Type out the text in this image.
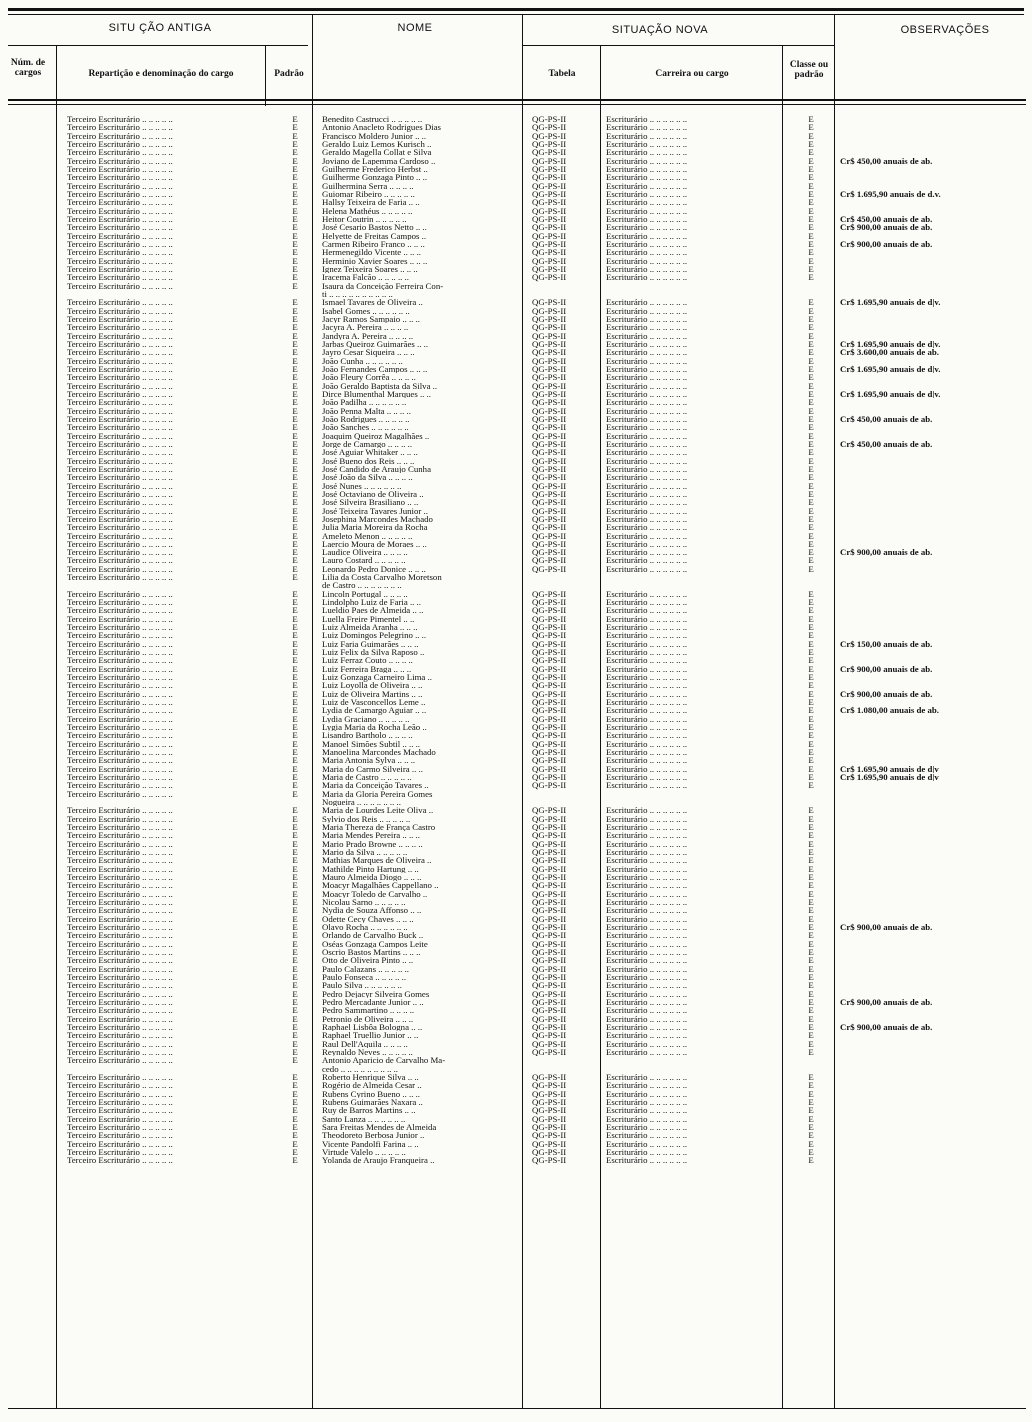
SITU ÇÃO ANTIGA	NOME	SITUAÇÃO NOVA	OBSERVAÇÕES
Núm. de cargos	Repartição e denominação do cargo	Padrão	Tabela	Carreira ou cargo
Classe ou padrão
Terceiro Escriturário .. .. .. .. ..	E	Benedito Castrucci .. .. .. .. ..	QG-PS-II	Escriturário .. .. .. .. .. ..	E
Terceiro Escriturário .. .. .. .. ..	E	Antonio Anacleto Rodrigues Dias	QG-PS-II	Escriturário .. .. .. .. .. ..	E
Terceiro Escriturário .. .. .. .. ..	E	Francisco Moldero Junior .. ..	QG-PS-II	Escriturário .. .. .. .. .. ..	E
Terceiro Escriturário .. .. .. .. ..	E	Geraldo Luiz Lemos Kurisch ..	QG-PS-II	Escriturário .. .. .. .. .. ..	E
Terceiro Escriturário .. .. .. .. ..	E	Geraldo Magella Collat e Silva	QG-PS-II	Escriturário .. .. .. .. .. ..	E
Terceiro Escriturário .. .. .. .. ..	E	Joviano de Lapemma Cardoso ..	QG-PS-II	Escriturário .. .. .. .. .. ..	E	Cr$ 450,00 anuais de ab.
Terceiro Escriturário .. .. .. .. ..	E	Guilherme Frederico Herbst ..	QG-PS-II	Escriturário .. .. .. .. .. ..	E
Terceiro Escriturário .. .. .. .. ..	E	Guilherme Gonzaga Pinto .. ..	QG-PS-II	Escriturário .. .. .. .. .. ..	E
Terceiro Escriturário .. .. .. .. ..	E	Guilhermina Serra .. .. .. ..	QG-PS-II	Escriturário .. .. .. .. .. ..	E
Terceiro Escriturário .. .. .. .. ..	E	Guiomar Ribeiro .. .. .. .. ..	QG-PS-II	Escriturário .. .. .. .. .. ..	E	Cr$ 1.695,90 anuais de d.v.
Terceiro Escriturário .. .. .. .. ..	E	Hallsy Teixeira de Faria .. ..	QG-PS-II	Escriturário .. .. .. .. .. ..	E
Terceiro Escriturário .. .. .. .. ..	E	Helena Mathéus .. .. .. .. ..	QG-PS-II	Escriturário .. .. .. .. .. ..	E
Terceiro Escriturário .. .. .. .. ..	E	Heitor Coutrin .. .. .. .. ..	QG-PS-II	Escriturário .. .. .. .. .. ..	E	Cr$ 450,00 anuais de ab.
Terceiro Escriturário .. .. .. .. ..	E	José Cesario Bastos Netto .. ..	QG-PS-II	Escriturário .. .. .. .. .. ..	E	Cr$ 900,00 anuais de ab.
Terceiro Escriturário .. .. .. .. ..	E	Helyette de Freitas Campos ..	QG-PS-II	Escriturário .. .. .. .. .. ..	E
Terceiro Escriturário .. .. .. .. ..	E	Carmen Ribeiro Franco .. .. ..	QG-PS-II	Escriturário .. .. .. .. .. ..	E	Cr$ 900,00 anuais de ab.
Terceiro Escriturário .. .. .. .. ..	E	Hermenegildo Vicente .. .. ..	QG-PS-II	Escriturário .. .. .. .. .. ..	E
Terceiro Escriturário .. .. .. .. ..	E	Herminio Xavier Soares .. .. ..	QG-PS-II	Escriturário .. .. .. .. .. ..	E
Terceiro Escriturário .. .. .. .. ..	E	Ignez Teixeira Soares .. .. ..	QG-PS-II	Escriturário .. .. .. .. .. ..	E
Terceiro Escriturário .. .. .. .. ..	E	Iracema Falcão .. .. .. .. ..	QG-PS-II	Escriturário .. .. .. .. .. ..	E
Terceiro Escriturário .. .. .. .. ..	E	Isaura da Conceição Ferreira Con-
ti .. .. .. .. .. .. .. .. .. ..
Terceiro Escriturário .. .. .. .. ..	E	Ismael Tavares de Oliveira ..	QG-PS-II	Escriturário .. .. .. .. .. ..	E	Cr$ 1.695,90 anuais de d|v.
Terceiro Escriturário .. .. .. .. ..	E	Isabel Gomes .. .. .. .. .. ..	QG-PS-II	Escriturário .. .. .. .. .. ..	E
Terceiro Escriturário .. .. .. .. ..	E	Jacyr Ramos Sampaio .. .. ..	QG-PS-II	Escriturário .. .. .. .. .. ..	E
Terceiro Escriturário .. .. .. .. ..	E	Jacyra A. Pereira .. .. .. ..	QG-PS-II	Escriturário .. .. .. .. .. ..	E
Terceiro Escriturário .. .. .. .. ..	E	Jandyra A. Pereira .. .. .. ..	QG-PS-II	Escriturário .. .. .. .. .. ..	E
Terceiro Escriturário .. .. .. .. ..	E	Jarbas Queiroz Guimarães .. ..	QG-PS-II	Escriturário .. .. .. .. .. ..	E	Cr$ 1.695,90 anuais de d|v.
Terceiro Escriturário .. .. .. .. ..	E	Jayro Cesar Siqueira .. .. ..	QG-PS-II	Escriturário .. .. .. .. .. ..	E	Cr$ 3.600,00 anuais de ab.
Terceiro Escriturário .. .. .. .. ..	E	João Cunha .. .. .. .. .. ..	QG-PS-II	Escriturário .. .. .. .. .. ..	E
Terceiro Escriturário .. .. .. .. ..	E	João Fernandes Campos .. .. ..	QG-PS-II	Escriturário .. .. .. .. .. ..	E	Cr$ 1.695,90 anuais de d|v.
Terceiro Escriturário .. .. .. .. ..	E	João Fleury Corrêa .. .. .. ..	QG-PS-II	Escriturário .. .. .. .. .. ..	E
Terceiro Escriturário .. .. .. .. ..	E	João Geraldo Baptista da Silva ..	QG-PS-II	Escriturário .. .. .. .. .. ..	E
Terceiro Escriturário .. .. .. .. ..	E	Dirce Blumenthal Marques .. ..	QG-PS-II	Escriturário .. .. .. .. .. ..	E	Cr$ 1.695,90 anuais de d|v.
Terceiro Escriturário .. .. .. .. ..	E	João Padilha .. .. .. .. .. ..	QG-PS-II	Escriturário .. .. .. .. .. ..	E
Terceiro Escriturário .. .. .. .. ..	E	João Penna Malta .. .. .. ..	QG-PS-II	Escriturário .. .. .. .. .. ..	E
Terceiro Escriturário .. .. .. .. ..	E	João Rodrigues .. .. .. .. ..	QG-PS-II	Escriturário .. .. .. .. .. ..	E	Cr$ 450,00 anuais de ab.
Terceiro Escriturário .. .. .. .. ..	E	João Sanches .. .. .. .. .. ..	QG-PS-II	Escriturário .. .. .. .. .. ..	E
Terceiro Escriturário .. .. .. .. ..	E	Joaquim Queiroz Magalhães ..	QG-PS-II	Escriturário .. .. .. .. .. ..	E
Terceiro Escriturário .. .. .. .. ..	E	Jorge de Camargo .. .. .. ..	QG-PS-II	Escriturário .. .. .. .. .. ..	E	Cr$ 450,00 anuais de ab.
Terceiro Escriturário .. .. .. .. ..	E	José Aguiar Whitaker .. .. ..	QG-PS-II	Escriturário .. .. .. .. .. ..	E
Terceiro Escriturário .. .. .. .. ..	E	José Bueno dos Reis .. .. ..	QG-PS-II	Escriturário .. .. .. .. .. ..	E
Terceiro Escriturário .. .. .. .. ..	E	José Candido de Araujo Cunha	QG-PS-II	Escriturário .. .. .. .. .. ..	E
Terceiro Escriturário .. .. .. .. ..	E	José João da Silva .. .. .. ..	QG-PS-II	Escriturário .. .. .. .. .. ..	E
Terceiro Escriturário .. .. .. .. ..	E	José Nunes .. .. .. .. .. ..	QG-PS-II	Escriturário .. .. .. .. .. ..	E
Terceiro Escriturário .. .. .. .. ..	E	José Octaviano de Oliveira ..	QG-PS-II	Escriturário .. .. .. .. .. ..	E
Terceiro Escriturário .. .. .. .. ..	E	José Silveira Brasiliano .. ..	QG-PS-II	Escriturário .. .. .. .. .. ..	E
Terceiro Escriturário .. .. .. .. ..	E	José Teixeira Tavares Junior ..	QG-PS-II	Escriturário .. .. .. .. .. ..	E
Terceiro Escriturário .. .. .. .. ..	E	Josephina Marcondes Machado	QG-PS-II	Escriturário .. .. .. .. .. ..	E
Terceiro Escriturário .. .. .. .. ..	E	Julia Maria Moreira da Rocha	QG-PS-II	Escriturário .. .. .. .. .. ..	E
Terceiro Escriturário .. .. .. .. ..	E	Ameleto Menon .. .. .. .. ..	QG-PS-II	Escriturário .. .. .. .. .. ..	E
Terceiro Escriturário .. .. .. .. ..	E	Laercio Moura de Moraes .. ..	QG-PS-II	Escriturário .. .. .. .. .. ..	E
Terceiro Escriturário .. .. .. .. ..	E	Laudice Oliveira .. .. .. ..	QG-PS-II	Escriturário .. .. .. .. .. ..	E	Cr$ 900,00 anuais de ab.
Terceiro Escriturário .. .. .. .. ..	E	Lauro Costard .. .. .. .. ..	QG-PS-II	Escriturário .. .. .. .. .. ..	E
Terceiro Escriturário .. .. .. .. ..	E	Leonardo Pedro Donice .. .. ..	QG-PS-II	Escriturário .. .. .. .. .. ..	E
Terceiro Escriturário .. .. .. .. ..	E	Lilia da Costa Carvalho Moretson
de Castro .. .. .. .. .. .. ..
Terceiro Escriturário .. .. .. .. ..	E	Lincoln Portugal .. .. .. ..	QG-PS-II	Escriturário .. .. .. .. .. ..	E
Terceiro Escriturário .. .. .. .. ..	E	Lindolpho Luiz de Faria .. ..	QG-PS-II	Escriturário .. .. .. .. .. ..	E
Terceiro Escriturário .. .. .. .. ..	E	Lueldio Paes de Almeida .. ..	QG-PS-II	Escriturário .. .. .. .. .. ..	E
Terceiro Escriturário .. .. .. .. ..	E	Luella Freire Pimentel .. ..	QG-PS-II	Escriturário .. .. .. .. .. ..	E
Terceiro Escriturário .. .. .. .. ..	E	Luiz Almeida Aranha .. .. ..	QG-PS-II	Escriturário .. .. .. .. .. ..	E
Terceiro Escriturário .. .. .. .. ..	E	Luiz Domingos Pelegrino .. ..	QG-PS-II	Escriturário .. .. .. .. .. ..	E
Terceiro Escriturário .. .. .. .. ..	E	Luiz Faria Guimarães .. .. ..	QG-PS-II	Escriturário .. .. .. .. .. ..	E	Cr$ 150,00 anuais de ab.
Terceiro Escriturário .. .. .. .. ..	E	Luiz Felix da Silva Raposo ..	QG-PS-II	Escriturário .. .. .. .. .. ..	E
Terceiro Escriturário .. .. .. .. ..	E	Luiz Ferraz Couto .. .. .. ..	QG-PS-II	Escriturário .. .. .. .. .. ..	E
Terceiro Escriturário .. .. .. .. ..	E	Luiz Ferreira Braga .. .. ..	QG-PS-II	Escriturário .. .. .. .. .. ..	E	Cr$ 900,00 anuais de ab.
Terceiro Escriturário .. .. .. .. ..	E	Luiz Gonzaga Carneiro Lima ..	QG-PS-II	Escriturário .. .. .. .. .. ..	E
Terceiro Escriturário .. .. .. .. ..	E	Luiz Loyolla de Oliveira .. ..	QG-PS-II	Escriturário .. .. .. .. .. ..	E
Terceiro Escriturário .. .. .. .. ..	E	Luiz de Oliveira Martins .. ..	QG-PS-II	Escriturário .. .. .. .. .. ..	E	Cr$ 900,00 anuais de ab.
Terceiro Escriturário .. .. .. .. ..	E	Luiz de Vasconcellos Leme ..	QG-PS-II	Escriturário .. .. .. .. .. ..	E
Terceiro Escriturário .. .. .. .. ..	E	Lydia de Camargo Aguiar .. ..	QG-PS-II	Escriturário .. .. .. .. .. ..	E	Cr$ 1.080,00 anuais de ab.
Terceiro Escriturário .. .. .. .. ..	E	Lydia Graciano .. .. .. .. ..	QG-PS-II	Escriturário .. .. .. .. .. ..	E
Terceiro Escriturário .. .. .. .. ..	E	Lygia Maria da Rocha Leão ..	QG-PS-II	Escriturário .. .. .. .. .. ..	E
Terceiro Escriturário .. .. .. .. ..	E	Lisandro Bartholo .. .. .. ..	QG-PS-II	Escriturário .. .. .. .. .. ..	E
Terceiro Escriturário .. .. .. .. ..	E	Manoel Simões Subtil .. .. ..	QG-PS-II	Escriturário .. .. .. .. .. ..	E
Terceiro Escriturário .. .. .. .. ..	E	Manoelina Marcondes Machado	QG-PS-II	Escriturário .. .. .. .. .. ..	E
Terceiro Escriturário .. .. .. .. ..	E	Maria Antonia Sylva .. .. ..	QG-PS-II	Escriturário .. .. .. .. .. ..	E
Terceiro Escriturário .. .. .. .. ..	E	Maria do Carmo Silveira .. ..	QG-PS-II	Escriturário .. .. .. .. .. ..	E	Cr$ 1.695,90 anuais de d|v
Terceiro Escriturário .. .. .. .. ..	E	Maria de Castro .. .. .. .. ..	QG-PS-II	Escriturário .. .. .. .. .. ..	E	Cr$ 1.695,90 anuais de d|v
Terceiro Escriturário .. .. .. .. ..	E	Maria da Conceição Tavares ..	QG-PS-II	Escriturário .. .. .. .. .. ..	E
Terceiro Escriturário .. .. .. .. ..	E	Maria da Gloria Pereira Gomes
Nogueira .. .. .. .. .. .. ..
Terceiro Escriturário .. .. .. .. ..	E	Maria de Lourdes Leite Oliva ..	QG-PS-II	Escriturário .. .. .. .. .. ..	E
Terceiro Escriturário .. .. .. .. ..	E	Sylvio dos Reis .. .. .. .. ..	QG-PS-II	Escriturário .. .. .. .. .. ..	E
Terceiro Escriturário .. .. .. .. ..	E	Maria Thereza de França Castro	QG-PS-II	Escriturário .. .. .. .. .. ..	E
Terceiro Escriturário .. .. .. .. ..	E	Maria Mendes Pereira .. .. ..	QG-PS-II	Escriturário .. .. .. .. .. ..	E
Terceiro Escriturário .. .. .. .. ..	E	Mario Prado Browne .. .. .. ..	QG-PS-II	Escriturário .. .. .. .. .. ..	E
Terceiro Escriturário .. .. .. .. ..	E	Mario da Silva .. .. .. .. ..	QG-PS-II	Escriturário .. .. .. .. .. ..	E
Terceiro Escriturário .. .. .. .. ..	E	Mathias Marques de Oliveira ..	QG-PS-II	Escriturário .. .. .. .. .. ..	E
Terceiro Escriturário .. .. .. .. ..	E	Mathilde Pinto Hartung .. ..	QG-PS-II	Escriturário .. .. .. .. .. ..	E
Terceiro Escriturário .. .. .. .. ..	E	Mauro Almeida Diogo .. .. ..	QG-PS-II	Escriturário .. .. .. .. .. ..	E
Terceiro Escriturário .. .. .. .. ..	E	Moacyr Magalhães Cappellano ..	QG-PS-II	Escriturário .. .. .. .. .. ..	E
Terceiro Escriturário .. .. .. .. ..	E	Moacyr Toledo de Carvalho ..	QG-PS-II	Escriturário .. .. .. .. .. ..	E
Terceiro Escriturário .. .. .. .. ..	E	Nicolau Sarno .. .. .. .. ..	QG-PS-II	Escriturário .. .. .. .. .. ..	E
Terceiro Escriturário .. .. .. .. ..	E	Nydia de Souza Affonso .. ..	QG-PS-II	Escriturário .. .. .. .. .. ..	E
Terceiro Escriturário .. .. .. .. ..	E	Odette Cecy Chaves .. .. ..	QG-PS-II	Escriturário .. .. .. .. .. ..	E
Terceiro Escriturário .. .. .. .. ..	E	Olavo Rocha .. .. .. .. .. ..	QG-PS-II	Escriturário .. .. .. .. .. ..	E	Cr$ 900,00 anuais de ab.
Terceiro Escriturário .. .. .. .. ..	E	Orlando de Carvalho Buck ..	QG-PS-II	Escriturário .. .. .. .. .. ..	E
Terceiro Escriturário .. .. .. .. ..	E	Oséas Gonzaga Campos Leite	QG-PS-II	Escriturário .. .. .. .. .. ..	E
Terceiro Escriturário .. .. .. .. ..	E	Oscrio Bastos Martins .. .. ..	QG-PS-II	Escriturário .. .. .. .. .. ..	E
Terceiro Escriturário .. .. .. .. ..	E	Otto de Oliveira Pinto .. ..	QG-PS-II	Escriturário .. .. .. .. .. ..	E
Terceiro Escriturário .. .. .. .. ..	E	Paulo Calazans .. .. .. .. ..	QG-PS-II	Escriturário .. .. .. .. .. ..	E
Terceiro Escriturário .. .. .. .. ..	E	Paulo Fonseca .. .. .. .. ..	QG-PS-II	Escriturário .. .. .. .. .. ..	E
Terceiro Escriturário .. .. .. .. ..	E	Paulo Silva .. .. .. .. .. ..	QG-PS-II	Escriturário .. .. .. .. .. ..	E
Terceiro Escriturário .. .. .. .. ..	E	Pedro Dejacyr Silveira Gomes	QG-PS-II	Escriturário .. .. .. .. .. ..	E
Terceiro Escriturário .. .. .. .. ..	E	Pedro Mercadante Junior .. ..	QG-PS-II	Escriturário .. .. .. .. .. ..	E	Cr$ 900,00 anuais de ab.
Terceiro Escriturário .. .. .. .. ..	E	Pedro Sammartino .. .. .. ..	QG-PS-II	Escriturário .. .. .. .. .. ..	E
Terceiro Escriturário .. .. .. .. ..	E	Petronio de Oliveira .. .. ..	QG-PS-II	Escriturário .. .. .. .. .. ..	E
Terceiro Escriturário .. .. .. .. ..	E	Raphael Lisbôa Bologna .. ..	QG-PS-II	Escriturário .. .. .. .. .. ..	E	Cr$ 900,00 anuais de ab.
Terceiro Escriturário .. .. .. .. ..	E	Raphael Truellio Junior .. ..	QG-PS-II	Escriturário .. .. .. .. .. ..	E
Terceiro Escriturário .. .. .. .. ..	E	Raul Dell'Aquila .. .. .. ..	QG-PS-II	Escriturário .. .. .. .. .. ..	E
Terceiro Escriturário .. .. .. .. ..	E	Reynaldo Neves .. .. .. .. ..	QG-PS-II	Escriturário .. .. .. .. .. ..	E
Terceiro Escriturário .. .. .. .. ..	E	Antonio Aparicio de Carvalho Ma-
cedo .. .. .. .. .. .. .. .. ..
Terceiro Escriturário .. .. .. .. ..	E	Roberto Henrique Silva .. ..	QG-PS-II	Escriturário .. .. .. .. .. ..	E
Terceiro Escriturário .. .. .. .. ..	E	Rogério de Almeida Cesar ..	QG-PS-II	Escriturário .. .. .. .. .. ..	E
Terceiro Escriturário .. .. .. .. ..	E	Rubens Cyrino Bueno .. .. ..	QG-PS-II	Escriturário .. .. .. .. .. ..	E
Terceiro Escriturário .. .. .. .. ..	E	Rubens Guimarães Naxara ..	QG-PS-II	Escriturário .. .. .. .. .. ..	E
Terceiro Escriturário .. .. .. .. ..	E	Ruy de Barros Martins .. ..	QG-PS-II	Escriturário .. .. .. .. .. ..	E
Terceiro Escriturário .. .. .. .. ..	E	Santo Lanza .. .. .. .. .. ..	QG-PS-II	Escriturário .. .. .. .. .. ..	E
Terceiro Escriturário .. .. .. .. ..	E	Sara Freitas Mendes de Almeida	QG-PS-II	Escriturário .. .. .. .. .. ..	E
Terceiro Escriturário .. .. .. .. ..	E	Theodoreto Berbosa Junior ..	QG-PS-II	Escriturário .. .. .. .. .. ..	E
Terceiro Escriturário .. .. .. .. ..	E	Vicente Pandolfi Farina .. ..	QG-PS-II	Escriturário .. .. .. .. .. ..	E
Terceiro Escriturário .. .. .. .. ..	E	Virtude Valelo .. .. .. .. ..	QG-PS-II	Escriturário .. .. .. .. .. ..	E
Terceiro Escriturário .. .. .. .. ..	E	Yolanda de Araujo Franqueira ..	QG-PS-II	Escriturário .. .. .. .. .. ..	E
